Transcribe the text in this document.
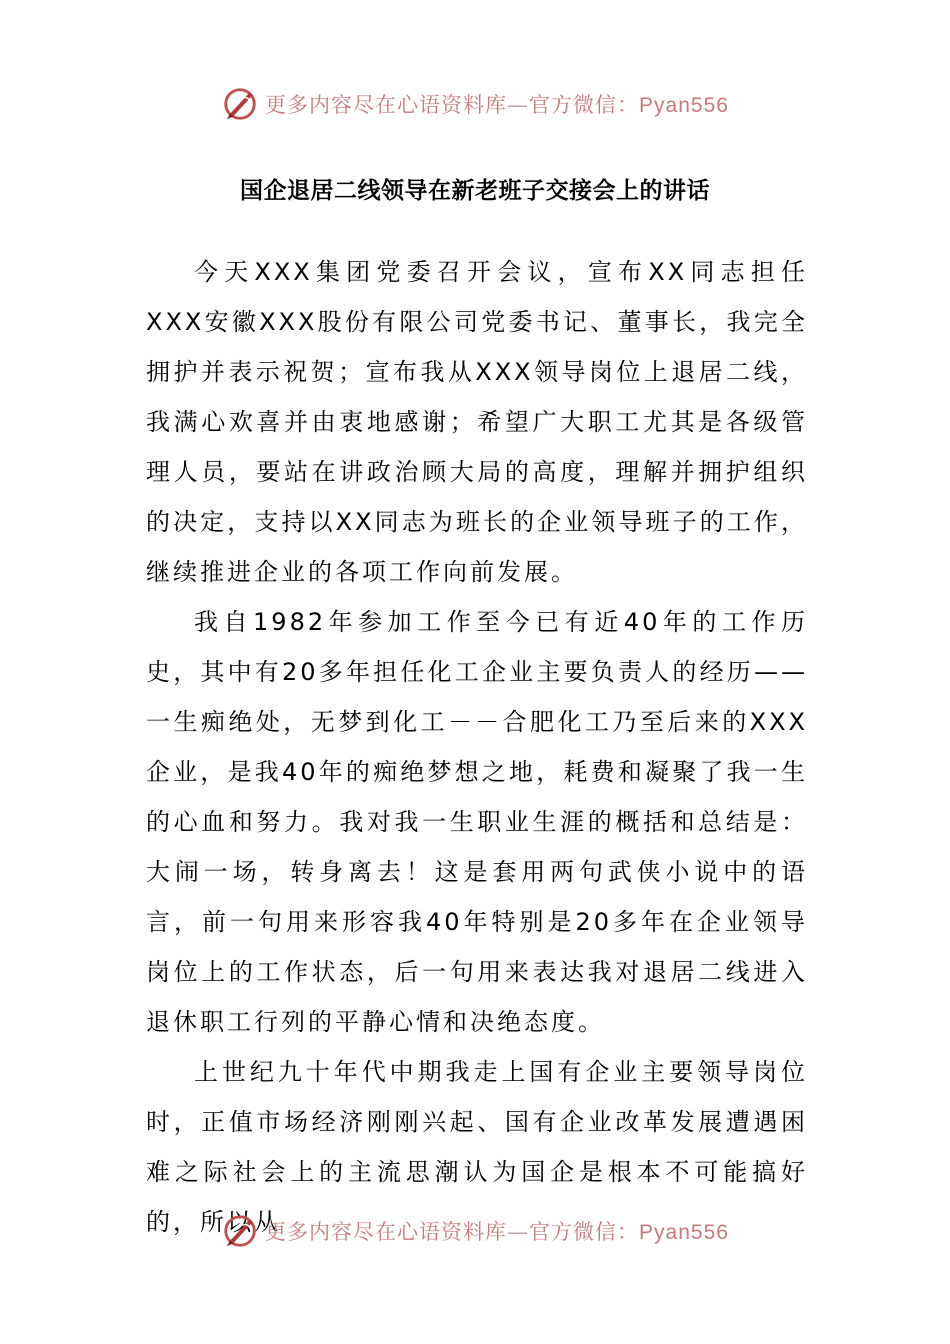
更多内容尽在心语资料库—官方微信：Pyan556
国企退居二线领导在新老班子交接会上的讲话

今天XXX集团党委召开会议，宣布XX同志担任XXX安徽XXX股份有限公司党委书记、董事长，我完全拥护并表示祝贺；宣布我从XXX领导岗位上退居二线，我满心欢喜并由衷地感谢；希望广大职工尤其是各级管理人员，要站在讲政治顾大局的高度，理解并拥护组织的决定，支持以XX同志为班长的企业领导班子的工作，继续推进企业的各项工作向前发展。

我自1982年参加工作至今已有近40年的工作历史，其中有20多年担任化工企业主要负责人的经历——一生痴绝处，无梦到化工－－合肥化工乃至后来的XXX企业，是我40年的痴绝梦想之地，耗费和凝聚了我一生的心血和努力。我对我一生职业生涯的概括和总结是：大闹一场，转身离去！这是套用两句武侠小说中的语言，前一句用来形容我40年特别是20多年在企业领导岗位上的工作状态，后一句用来表达我对退居二线进入退休职工行列的平静心情和决绝态度。

上世纪九十年代中期我走上国有企业主要领导岗位时，正值市场经济刚刚兴起、国有企业改革发展遭遇困难之际社会上的主流思潮认为国企是根本不可能搞好的，所以从

更多内容尽在心语资料库—官方微信：Pyan556
